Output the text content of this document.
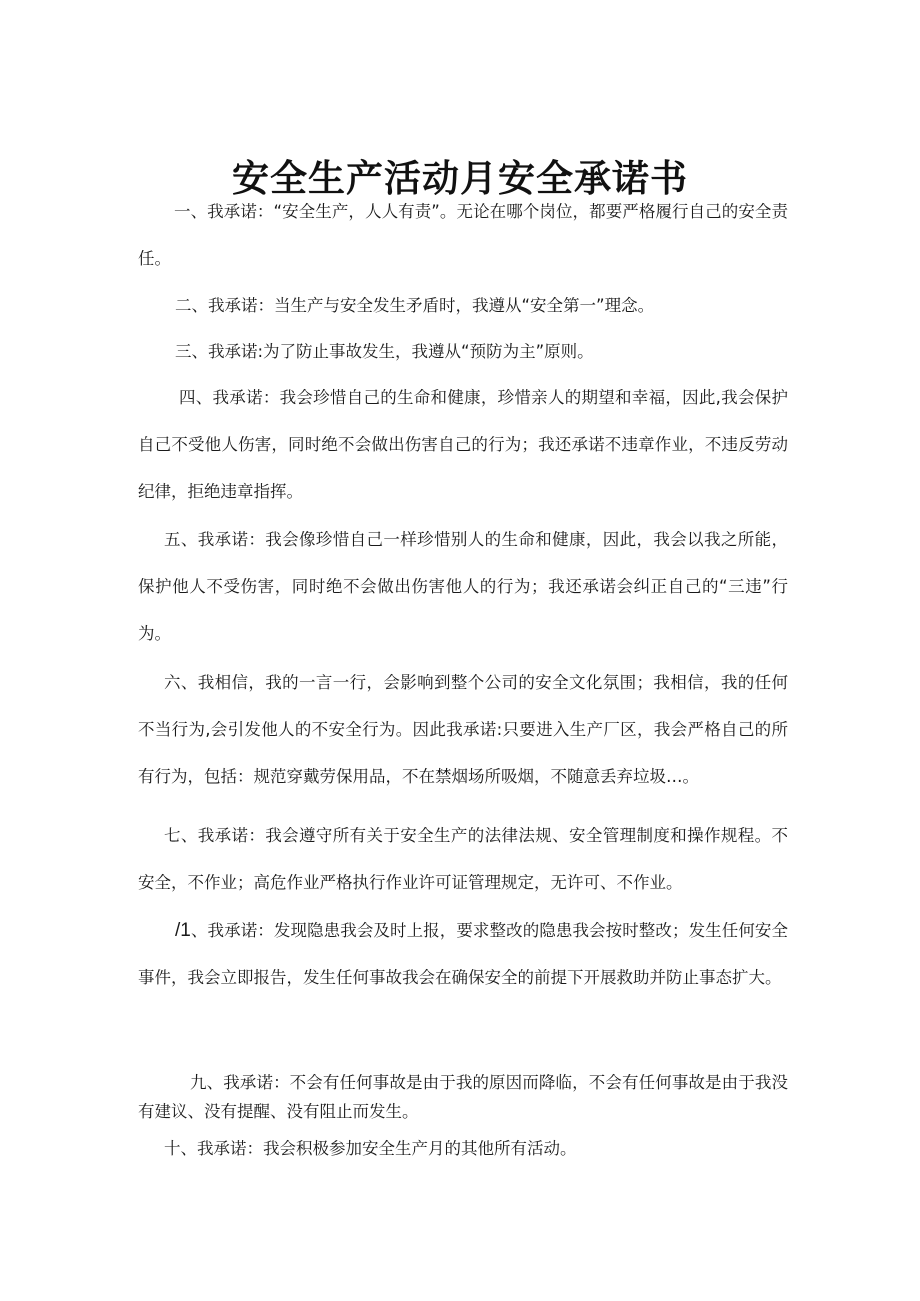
安全生产活动月安全承诺书

一、我承诺：“安全生产，人人有责”。无论在哪个岗位，都要严格履行自己的安全责任。

二、我承诺：当生产与安全发生矛盾时，我遵从“安全第一”理念。

三、我承诺:为了防止事故发生，我遵从“预防为主”原则。

四、我承诺：我会珍惜自己的生命和健康，珍惜亲人的期望和幸福，因此,我会保护自己不受他人伤害，同时绝不会做出伤害自己的行为；我还承诺不违章作业，不违反劳动纪律，拒绝违章指挥。

五、我承诺：我会像珍惜自己一样珍惜别人的生命和健康，因此，我会以我之所能，保护他人不受伤害，同时绝不会做出伤害他人的行为；我还承诺会纠正自己的“三违”行为。

六、我相信，我的一言一行，会影响到整个公司的安全文化氛围；我相信，我的任何不当行为,会引发他人的不安全行为。因此我承诺:只要进入生产厂区，我会严格自己的所有行为，包括：规范穿戴劳保用品，不在禁烟场所吸烟，不随意丢弃垃圾…。

七、我承诺：我会遵守所有关于安全生产的法律法规、安全管理制度和操作规程。不安全，不作业；高危作业严格执行作业许可证管理规定，无许可、不作业。

/1、我承诺：发现隐患我会及时上报，要求整改的隐患我会按时整改；发生任何安全事件，我会立即报告，发生任何事故我会在确保安全的前提下开展救助并防止事态扩大。

九、我承诺：不会有任何事故是由于我的原因而降临，不会有任何事故是由于我没有建议、没有提醒、没有阻止而发生。

十、我承诺：我会积极参加安全生产月的其他所有活动。
